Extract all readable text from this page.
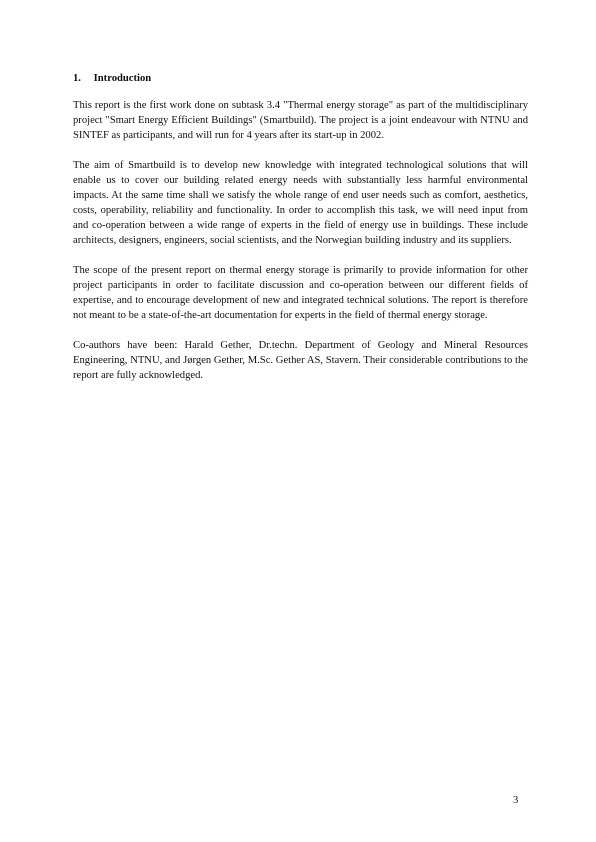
1. Introduction

This report is the first work done on subtask 3.4 "Thermal energy storage" as part of the multidisciplinary project "Smart Energy Efficient Buildings" (Smartbuild). The project is a joint endeavour with NTNU and SINTEF as participants, and will run for 4 years after its start-up in 2002.

The aim of Smartbuild is to develop new knowledge with integrated technological solutions that will enable us to cover our building related energy needs with substantially less harmful environmental impacts. At the same time shall we satisfy the whole range of end user needs such as comfort, aesthetics, costs, operability, reliability and functionality. In order to accomplish this task, we will need input from and co-operation between a wide range of experts in the field of energy use in buildings. These include architects, designers, engineers, social scientists, and the Norwegian building industry and its suppliers.

The scope of the present report on thermal energy storage is primarily to provide information for other project participants in order to facilitate discussion and co-operation between our different fields of expertise, and to encourage development of new and integrated technical solutions. The report is therefore not meant to be a state-of-the-art documentation for experts in the field of thermal energy storage.

Co-authors have been: Harald Gether, Dr.techn. Department of Geology and Mineral Resources Engineering, NTNU, and Jørgen Gether, M.Sc. Gether AS, Stavern. Their considerable contributions to the report are fully acknowledged.

3
